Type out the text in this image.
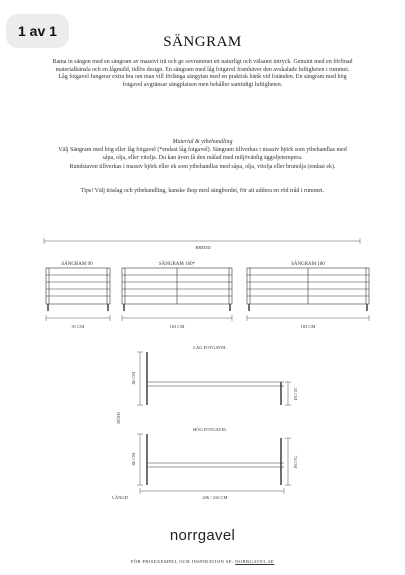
1 av 1
SÄNGRAM

Rama in sängen med en sängram av massivt trä och ge sovrummet ett naturligt och välsamt intryck. Genuint med en förfinad materialkänsla och en lågmäld, tidlös design. En sängram med låg fotgavel framhäver den avskalade luftigheten i rummet. Låg fotgavel fungerar extra bra om man vill förlänga sängytan med en praktisk bänk vid fotänden. En sängram med hög fotgavel avgränsar sängplatsen men behåller samtidigt luftigheten.

Material & ytbehandling

Välj Sängram med hög eller låg fotgavel (*endast låg fotgavel). Sängram tillverkas i massiv björk som ytbehandlas med såpa, olja, eller vitolja. Du kan även få den målad med miljövänlig äggoljetempera.

Rundstaven tillverkas i massiv björk eller ek som ytbehandlas med såpa, olja, vitolja eller brunolja (endast ek).

Tips! Välj träslag och ytbehandling, kanske ihop med sängbordet, för att addera en röd tråd i rummet.

BREDD
SÄNGRAM 90
91 CM
SÄNGRAM 160*
163 CM
SÄNGRAM 180
183 CM
LÅG FOTGAVEL
86 CM
32 CM
HÖJD
HÖG FOTGAVEL
86 CM	74 CM
206 / 216 CM
LÄNGD
norrgavel
FÖR PRISEXEMPEL OCH INSPIRATION SE: NORRGAVEL.SE
